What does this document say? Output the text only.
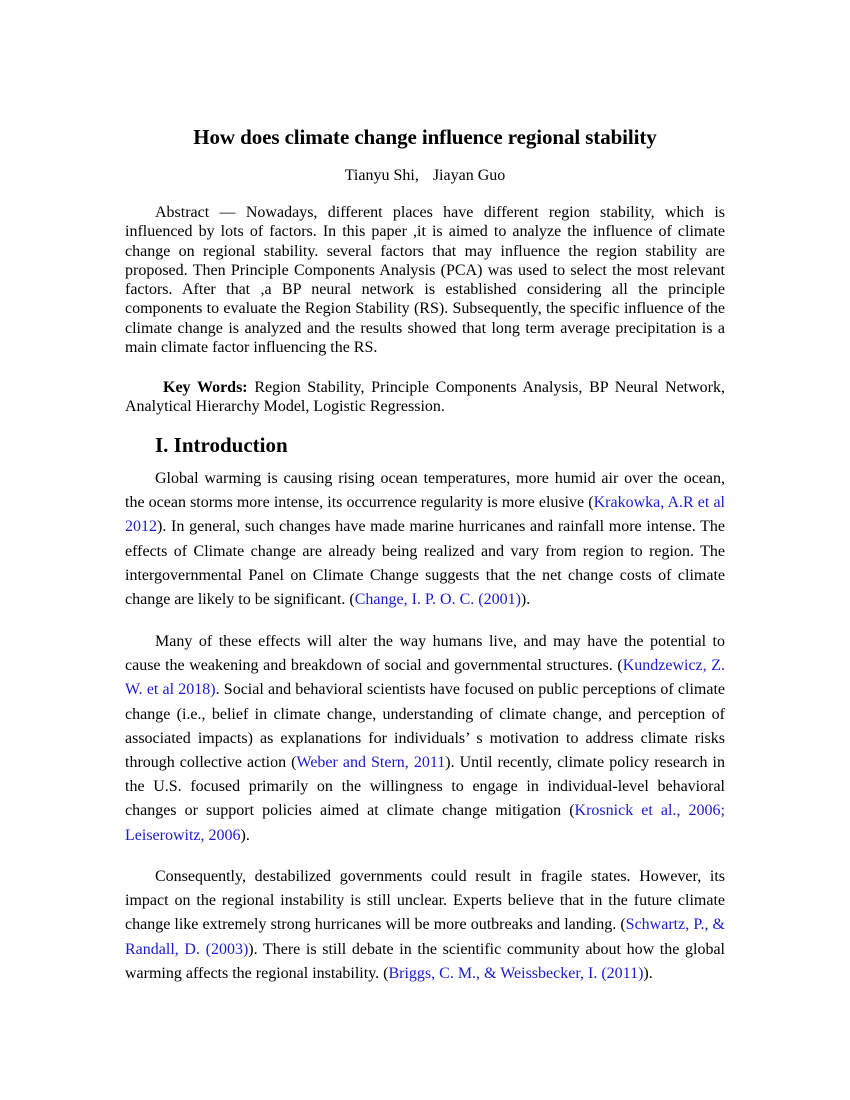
How does climate change influence regional stability
Tianyu Shi, Jiayan Guo

Abstract — Nowadays, different places have different region stability, which is influenced by lots of factors. In this paper ,it is aimed to analyze the influence of climate change on regional stability. several factors that may influence the region stability are proposed. Then Principle Components Analysis (PCA) was used to select the most relevant factors. After that ,a BP neural network is established considering all the principle components to evaluate the Region Stability (RS). Subsequently, the specific influence of the climate change is analyzed and the results showed that long term average precipitation is a main climate factor influencing the RS.

Key Words: Region Stability, Principle Components Analysis, BP Neural Network, Analytical Hierarchy Model, Logistic Regression.

I. Introduction

Global warming is causing rising ocean temperatures, more humid air over the ocean, the ocean storms more intense, its occurrence regularity is more elusive (Krakowka, A.R et al 2012). In general, such changes have made marine hurricanes and rainfall more intense. The effects of Climate change are already being realized and vary from region to region. The intergovernmental Panel on Climate Change suggests that the net change costs of climate change are likely to be significant. (Change, I. P. O. C. (2001)).

Many of these effects will alter the way humans live, and may have the potential to cause the weakening and breakdown of social and governmental structures. (Kundzewicz, Z. W. et al 2018). Social and behavioral scientists have focused on public perceptions of climate change (i.e., belief in climate change, understanding of climate change, and perception of associated impacts) as explanations for individuals’ s motivation to address climate risks through collective action (Weber and Stern, 2011). Until recently, climate policy research in the U.S. focused primarily on the willingness to engage in individual-level behavioral changes or support policies aimed at climate change mitigation (Krosnick et al., 2006; Leiserowitz, 2006).

Consequently, destabilized governments could result in fragile states. However, its impact on the regional instability is still unclear. Experts believe that in the future climate change like extremely strong hurricanes will be more outbreaks and landing. (Schwartz, P., & Randall, D. (2003)). There is still debate in the scientific community about how the global warming affects the regional instability. (Briggs, C. M., & Weissbecker, I. (2011)).
